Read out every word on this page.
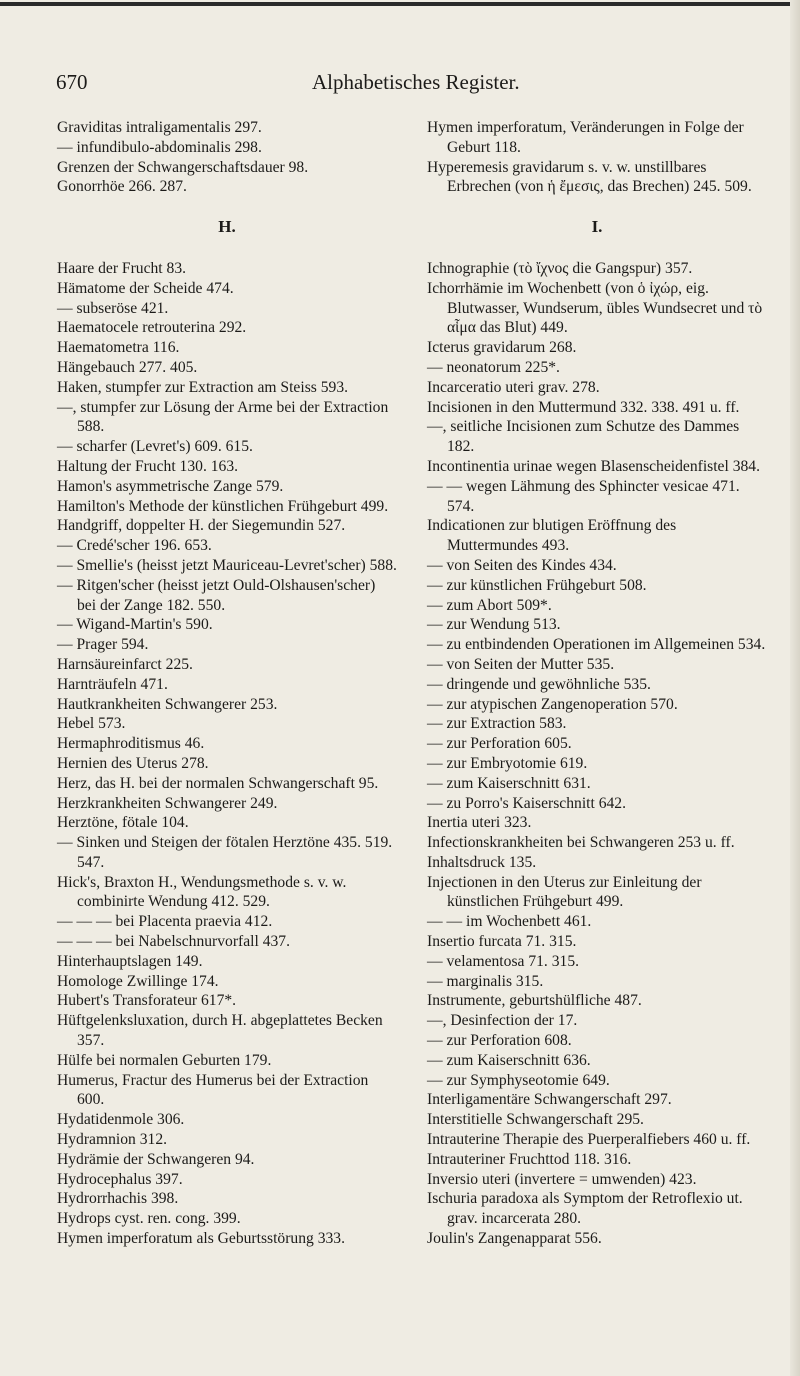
670	Alphabetisches Register.

Graviditas intraligamentalis 297.

— infundibulo-abdominalis 298.

Grenzen der Schwangerschaftsdauer 98.

Gonorrhöe 266. 287.

H.

Haare der Frucht 83.

Hämatome der Scheide 474.

— subseröse 421.

Haematocele retrouterina 292.

Haematometra 116.

Hängebauch 277. 405.

Haken, stumpfer zur Extraction am Steiss 593.

—, stumpfer zur Lösung der Arme bei der Extraction 588.

— scharfer (Levret's) 609. 615.

Haltung der Frucht 130. 163.

Hamon's asymmetrische Zange 579.

Hamilton's Methode der künstlichen Frühgeburt 499.

Handgriff, doppelter H. der Siegemundin 527.

— Credé'scher 196. 653.

— Smellie's (heisst jetzt Mauriceau-Levret'scher) 588.

— Ritgen'scher (heisst jetzt Ould-Olshausen'scher) bei der Zange 182. 550.

— Wigand-Martin's 590.

— Prager 594.

Harnsäureinfarct 225.

Harnträufeln 471.

Hautkrankheiten Schwangerer 253.

Hebel 573.

Hermaphroditismus 46.

Hernien des Uterus 278.

Herz, das H. bei der normalen Schwangerschaft 95.

Herzkrankheiten Schwangerer 249.

Herztöne, fötale 104.

— Sinken und Steigen der fötalen Herztöne 435. 519. 547.

Hick's, Braxton H., Wendungsmethode s. v. w. combinirte Wendung 412. 529.

— — — bei Placenta praevia 412.

— — — bei Nabelschnurvorfall 437.

Hinterhauptslagen 149.

Homologe Zwillinge 174.

Hubert's Transforateur 617*.

Hüftgelenksluxation, durch H. abgeplattetes Becken 357.

Hülfe bei normalen Geburten 179.

Humerus, Fractur des Humerus bei der Extraction 600.

Hydatidenmole 306.

Hydramnion 312.

Hydrämie der Schwangeren 94.

Hydrocephalus 397.

Hydrorrhachis 398.

Hydrops cyst. ren. cong. 399.

Hymen imperforatum als Geburtsstörung 333.

Hymen imperforatum, Veränderungen in Folge der Geburt 118.

Hyperemesis gravidarum s. v. w. unstillbares Erbrechen (von ἡ ἔμεσις, das Brechen) 245. 509.

I.

Ichnographie (τὸ ἴχνος die Gangspur) 357.

Ichorrhämie im Wochenbett (von ὁ ἰχώρ, eig. Blutwasser, Wundserum, übles Wundsecret und τὸ αἷμα das Blut) 449.

Icterus gravidarum 268.

— neonatorum 225*.

Incarceratio uteri grav. 278.

Incisionen in den Muttermund 332. 338. 491 u. ff.

—, seitliche Incisionen zum Schutze des Dammes 182.

Incontinentia urinae wegen Blasenscheidenfistel 384.

— — wegen Lähmung des Sphincter vesicae 471. 574.

Indicationen zur blutigen Eröffnung des Muttermundes 493.

— von Seiten des Kindes 434.

— zur künstlichen Frühgeburt 508.

— zum Abort 509*.

— zur Wendung 513.

— zu entbindenden Operationen im Allgemeinen 534.

— von Seiten der Mutter 535.

— dringende und gewöhnliche 535.

— zur atypischen Zangenoperation 570.

— zur Extraction 583.

— zur Perforation 605.

— zur Embryotomie 619.

— zum Kaiserschnitt 631.

— zu Porro's Kaiserschnitt 642.

Inertia uteri 323.

Infectionskrankheiten bei Schwangeren 253 u. ff.

Inhaltsdruck 135.

Injectionen in den Uterus zur Einleitung der künstlichen Frühgeburt 499.

— — im Wochenbett 461.

Insertio furcata 71. 315.

— velamentosa 71. 315.

— marginalis 315.

Instrumente, geburtshülfliche 487.

—, Desinfection der 17.

— zur Perforation 608.

— zum Kaiserschnitt 636.

— zur Symphyseotomie 649.

Interligamentäre Schwangerschaft 297.

Interstitielle Schwangerschaft 295.

Intrauterine Therapie des Puerperalfiebers 460 u. ff.

Intrauteriner Fruchttod 118. 316.

Inversio uteri (invertere = umwenden) 423.

Ischuria paradoxa als Symptom der Retroflexio ut. grav. incarcerata 280.

Joulin's Zangenapparat 556.
